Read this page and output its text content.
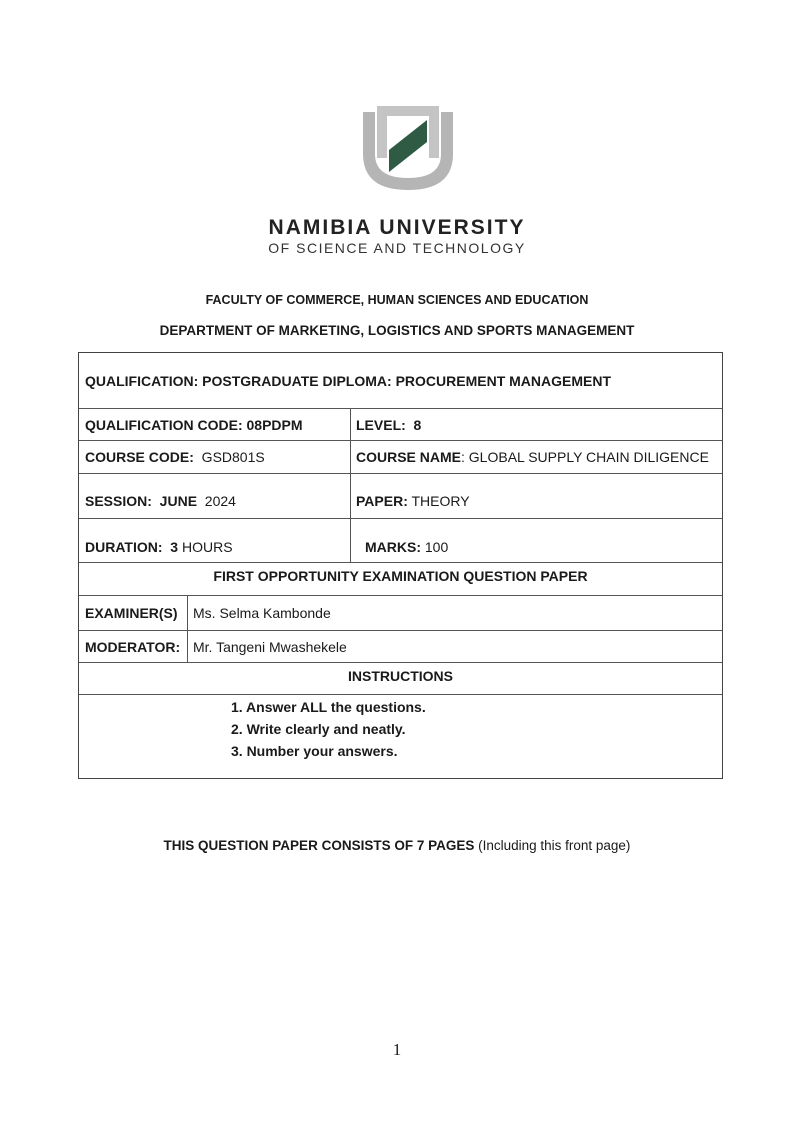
NAMIBIA UNIVERSITY
OF SCIENCE AND TECHNOLOGY
FACULTY OF COMMERCE, HUMAN SCIENCES AND EDUCATION
DEPARTMENT OF MARKETING, LOGISTICS AND SPORTS MANAGEMENT
QUALIFICATION: POSTGRADUATE DIPLOMA: PROCUREMENT MANAGEMENT
QUALIFICATION CODE: 08PDPM	LEVEL:  8
COURSE CODE:  GSD801S	COURSE NAME: GLOBAL SUPPLY CHAIN DILIGENCE
SESSION:  JUNE  2024	PAPER: THEORY
DURATION:  3 HOURS	MARKS: 100
FIRST OPPORTUNITY EXAMINATION QUESTION PAPER
EXAMINER(S) Ms. Selma Kambonde
MODERATOR: Mr. Tangeni Mwashekele
INSTRUCTIONS
1. Answer ALL the questions.
2. Write clearly and neatly.
3. Number your answers.
THIS QUESTION PAPER CONSISTS OF 7 PAGES (Including this front page)
1
